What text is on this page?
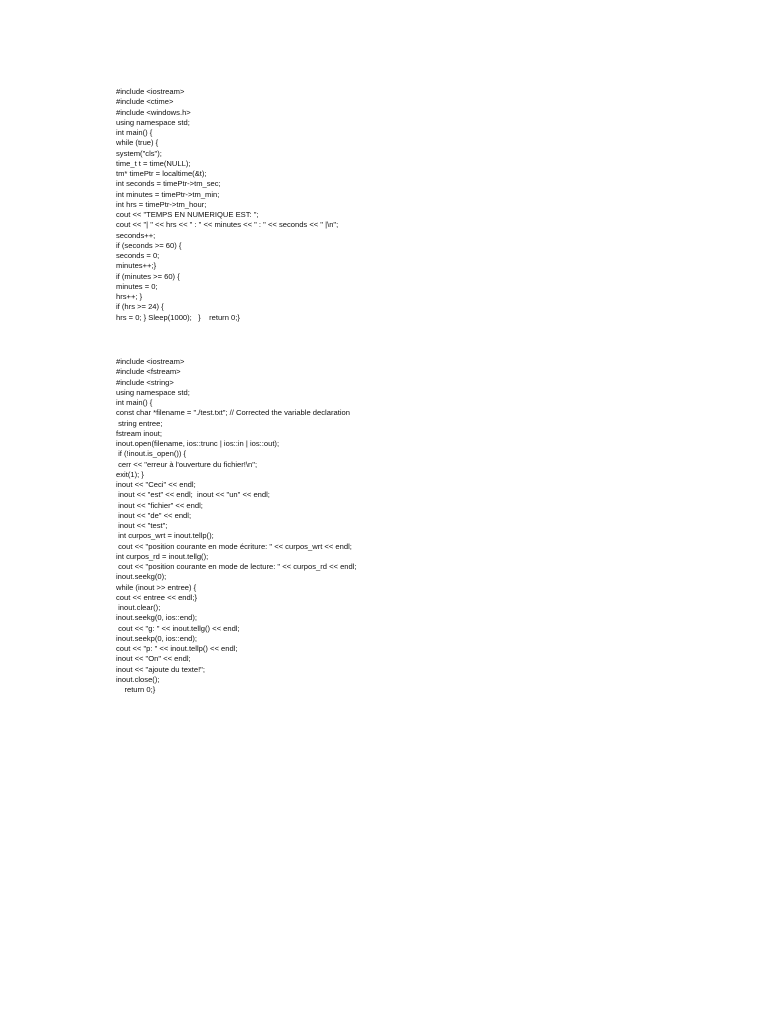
#include <iostream>
#include <ctime>
#include <windows.h>
using namespace std;
int main() {
while (true) {
system("cls");
time_t t = time(NULL);
tm* timePtr = localtime(&t);
int seconds = timePtr->tm_sec;
int minutes = timePtr->tm_min;
int hrs = timePtr->tm_hour;
cout << "TEMPS EN NUMERIQUE EST: ";
cout << "| " << hrs << " : " << minutes << " : " << seconds << " |\n";
seconds++;
if (seconds >= 60) {
seconds = 0;
minutes++;}
if (minutes >= 60) {
minutes = 0;
hrs++; }
if (hrs >= 24) {
hrs = 0; } Sleep(1000);   }    return 0;}
#include <iostream>
#include <fstream>
#include <string>
using namespace std;
int main() {
const char *filename = "./test.txt"; // Corrected the variable declaration
string entree;
fstream inout;
inout.open(filename, ios::trunc | ios::in | ios::out);
if (!inout.is_open()) {
cerr << "erreur à l'ouverture du fichier!\n";
exit(1); }
inout << "Ceci" << endl;
inout << "est" << endl;  inout << "un" << endl;
inout << "fichier" << endl;
inout << "de" << endl;
inout << "test";
int curpos_wrt = inout.tellp();
cout << "position courante en mode écriture: " << curpos_wrt << endl;
int curpos_rd = inout.tellg();
cout << "position courante en mode de lecture: " << curpos_rd << endl;
inout.seekg(0);
while (inout >> entree) {
cout << entree << endl;}
inout.clear();
inout.seekg(0, ios::end);
cout << "g: " << inout.tellg() << endl;
inout.seekp(0, ios::end);
cout << "p: " << inout.tellp() << endl;
inout << "On" << endl;
inout << "ajoute du texte!";
inout.close();
return 0;}
